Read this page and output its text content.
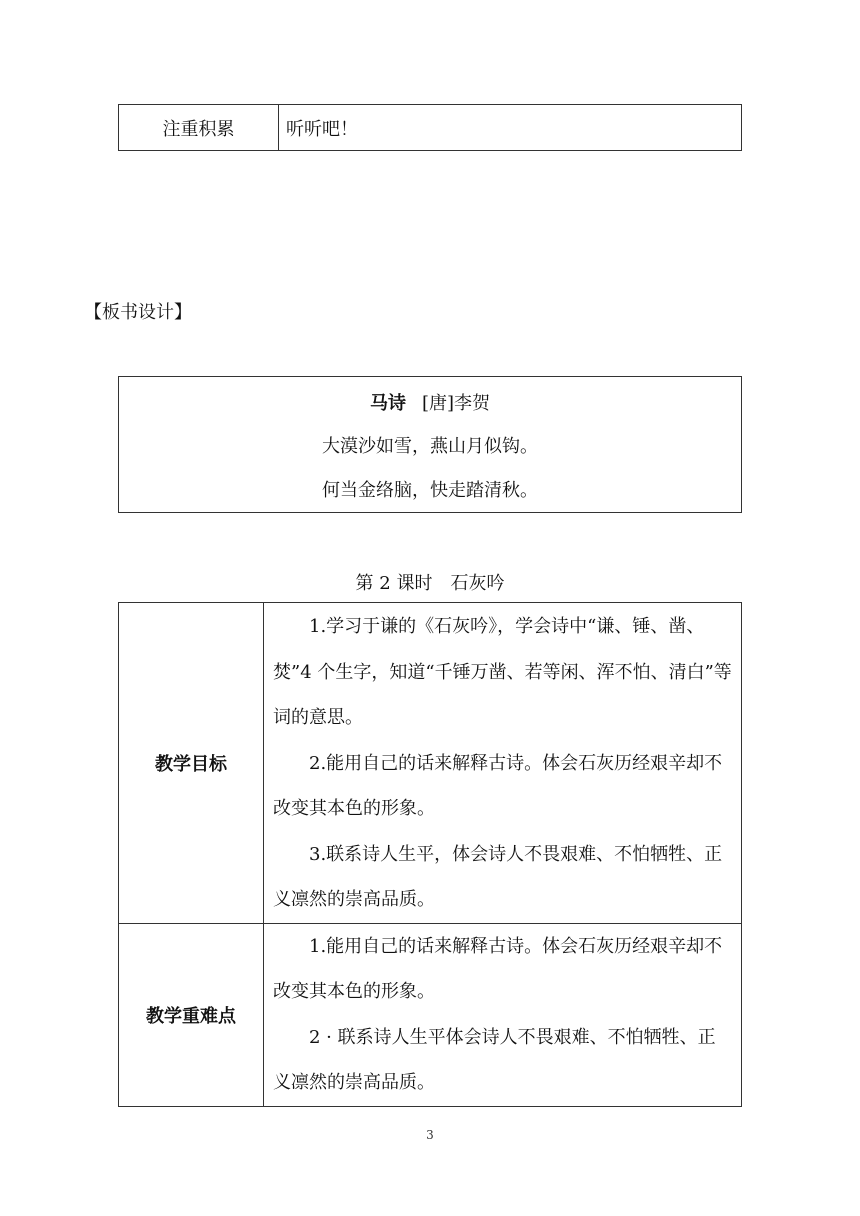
注重积累	听听吧！
【板书设计】
马诗 [唐]李贺
大漠沙如雪，燕山月似钩。
何当金络脑，快走踏清秋。
第 2 课时 石灰吟
教学目标	1.学习于谦的《石灰吟》，学会诗中“谦、锤、凿、焚”4 个生字，知道“千锤万凿、若等闲、浑不怕、清白”等词的意思。

2.能用自己的话来解释古诗。体会石灰历经艰辛却不改变其本色的形象。

3.联系诗人生平，体会诗人不畏艰难、不怕牺牲、正义凛然的崇高品质。

教学重难点	1.能用自己的话来解释古诗。体会石灰历经艰辛却不改变其本色的形象。

2 · 联系诗人生平体会诗人不畏艰难、不怕牺牲、正义凛然的崇高品质。

3
